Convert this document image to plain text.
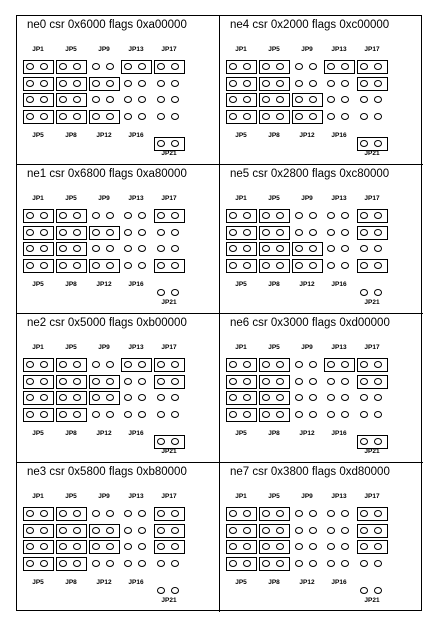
ne0 csr 0x6000 flags 0xa00000
JP1	JP5	JP9	JP13	JP17
JP5	JP8	JP12	JP16
JP21
ne4 csr 0x2000 flags 0xc00000
JP1	JP5	JP9	JP13	JP17
JP5	JP8	JP12	JP16
JP21
ne1 csr 0x6800 flags 0xa80000
JP1	JP5	JP9	JP13	JP17
JP5	JP8	JP12	JP16
JP21
ne5 csr 0x2800 flags 0xc80000
JP1	JP5	JP9	JP13	JP17
JP5	JP8	JP12	JP16
JP21
ne2 csr 0x5000 flags 0xb00000
JP1	JP5	JP9	JP13	JP17
JP5	JP8	JP12	JP16
JP21
ne6 csr 0x3000 flags 0xd00000
JP1	JP5	JP9	JP13	JP17
JP5	JP8	JP12	JP16
JP21
ne3 csr 0x5800 flags 0xb80000
JP1	JP5	JP9	JP13	JP17
JP5	JP8	JP12	JP16
JP21
ne7 csr 0x3800 flags 0xd80000
JP1	JP5	JP9	JP13	JP17
JP5	JP8	JP12	JP16
JP21
